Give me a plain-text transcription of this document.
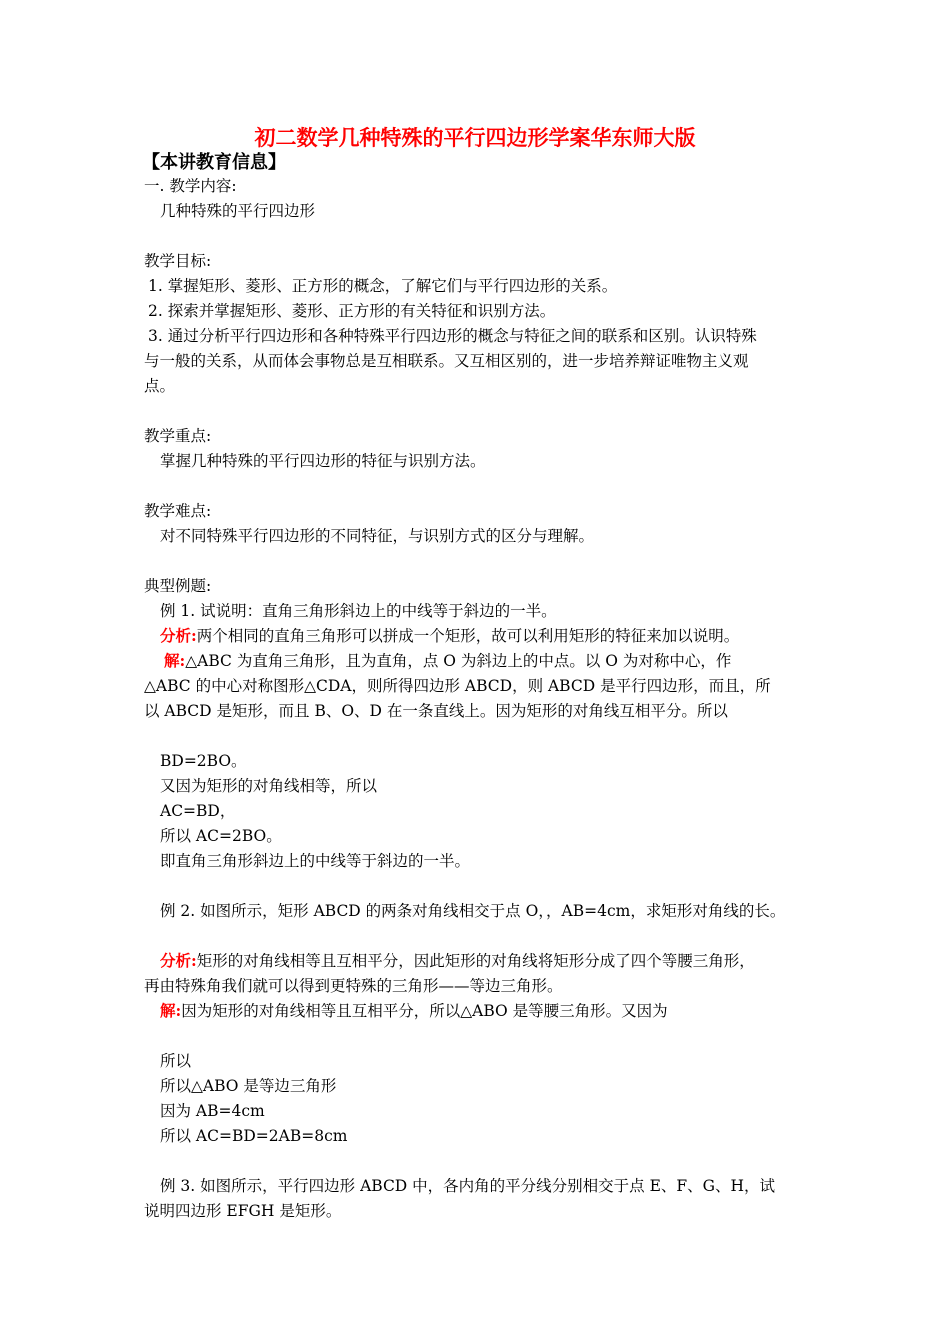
初二数学几种特殊的平行四边形学案华东师大版
【本讲教育信息】
一. 教学内容:
几种特殊的平行四边形
教学目标:
1. 掌握矩形、菱形、正方形的概念，了解它们与平行四边形的关系。
2. 探索并掌握矩形、菱形、正方形的有关特征和识别方法。
3. 通过分析平行四边形和各种特殊平行四边形的概念与特征之间的联系和区别。认识特殊
与一般的关系，从而体会事物总是互相联系。又互相区别的，进一步培养辩证唯物主义观
点。
教学重点:
掌握几种特殊的平行四边形的特征与识别方法。
教学难点:
对不同特殊平行四边形的不同特征，与识别方式的区分与理解。
典型例题:
例 1. 试说明：直角三角形斜边上的中线等于斜边的一半。
分析:两个相同的直角三角形可以拼成一个矩形，故可以利用矩形的特征来加以说明。
解:△ABC 为直角三角形，且为直角，点 O 为斜边上的中点。以 O 为对称中心，作
△ABC 的中心对称图形△CDA，则所得四边形 ABCD，则 ABCD 是平行四边形，而且，所
以 ABCD 是矩形，而且 B、O、D 在一条直线上。因为矩形的对角线互相平分。所以
BD=2BO。
又因为矩形的对角线相等，所以
AC=BD，
所以 AC=2BO。
即直角三角形斜边上的中线等于斜边的一半。
例 2. 如图所示，矩形 ABCD 的两条对角线相交于点 O，，AB=4cm，求矩形对角线的长。
分析:矩形的对角线相等且互相平分，因此矩形的对角线将矩形分成了四个等腰三角形，
再由特殊角我们就可以得到更特殊的三角形——等边三角形。
解:因为矩形的对角线相等且互相平分，所以△ABO 是等腰三角形。又因为
所以
所以△ABO 是等边三角形
因为 AB=4cm
所以 AC=BD=2AB=8cm
例 3. 如图所示，平行四边形 ABCD 中，各内角的平分线分别相交于点 E、F、G、H，试
说明四边形 EFGH 是矩形。
